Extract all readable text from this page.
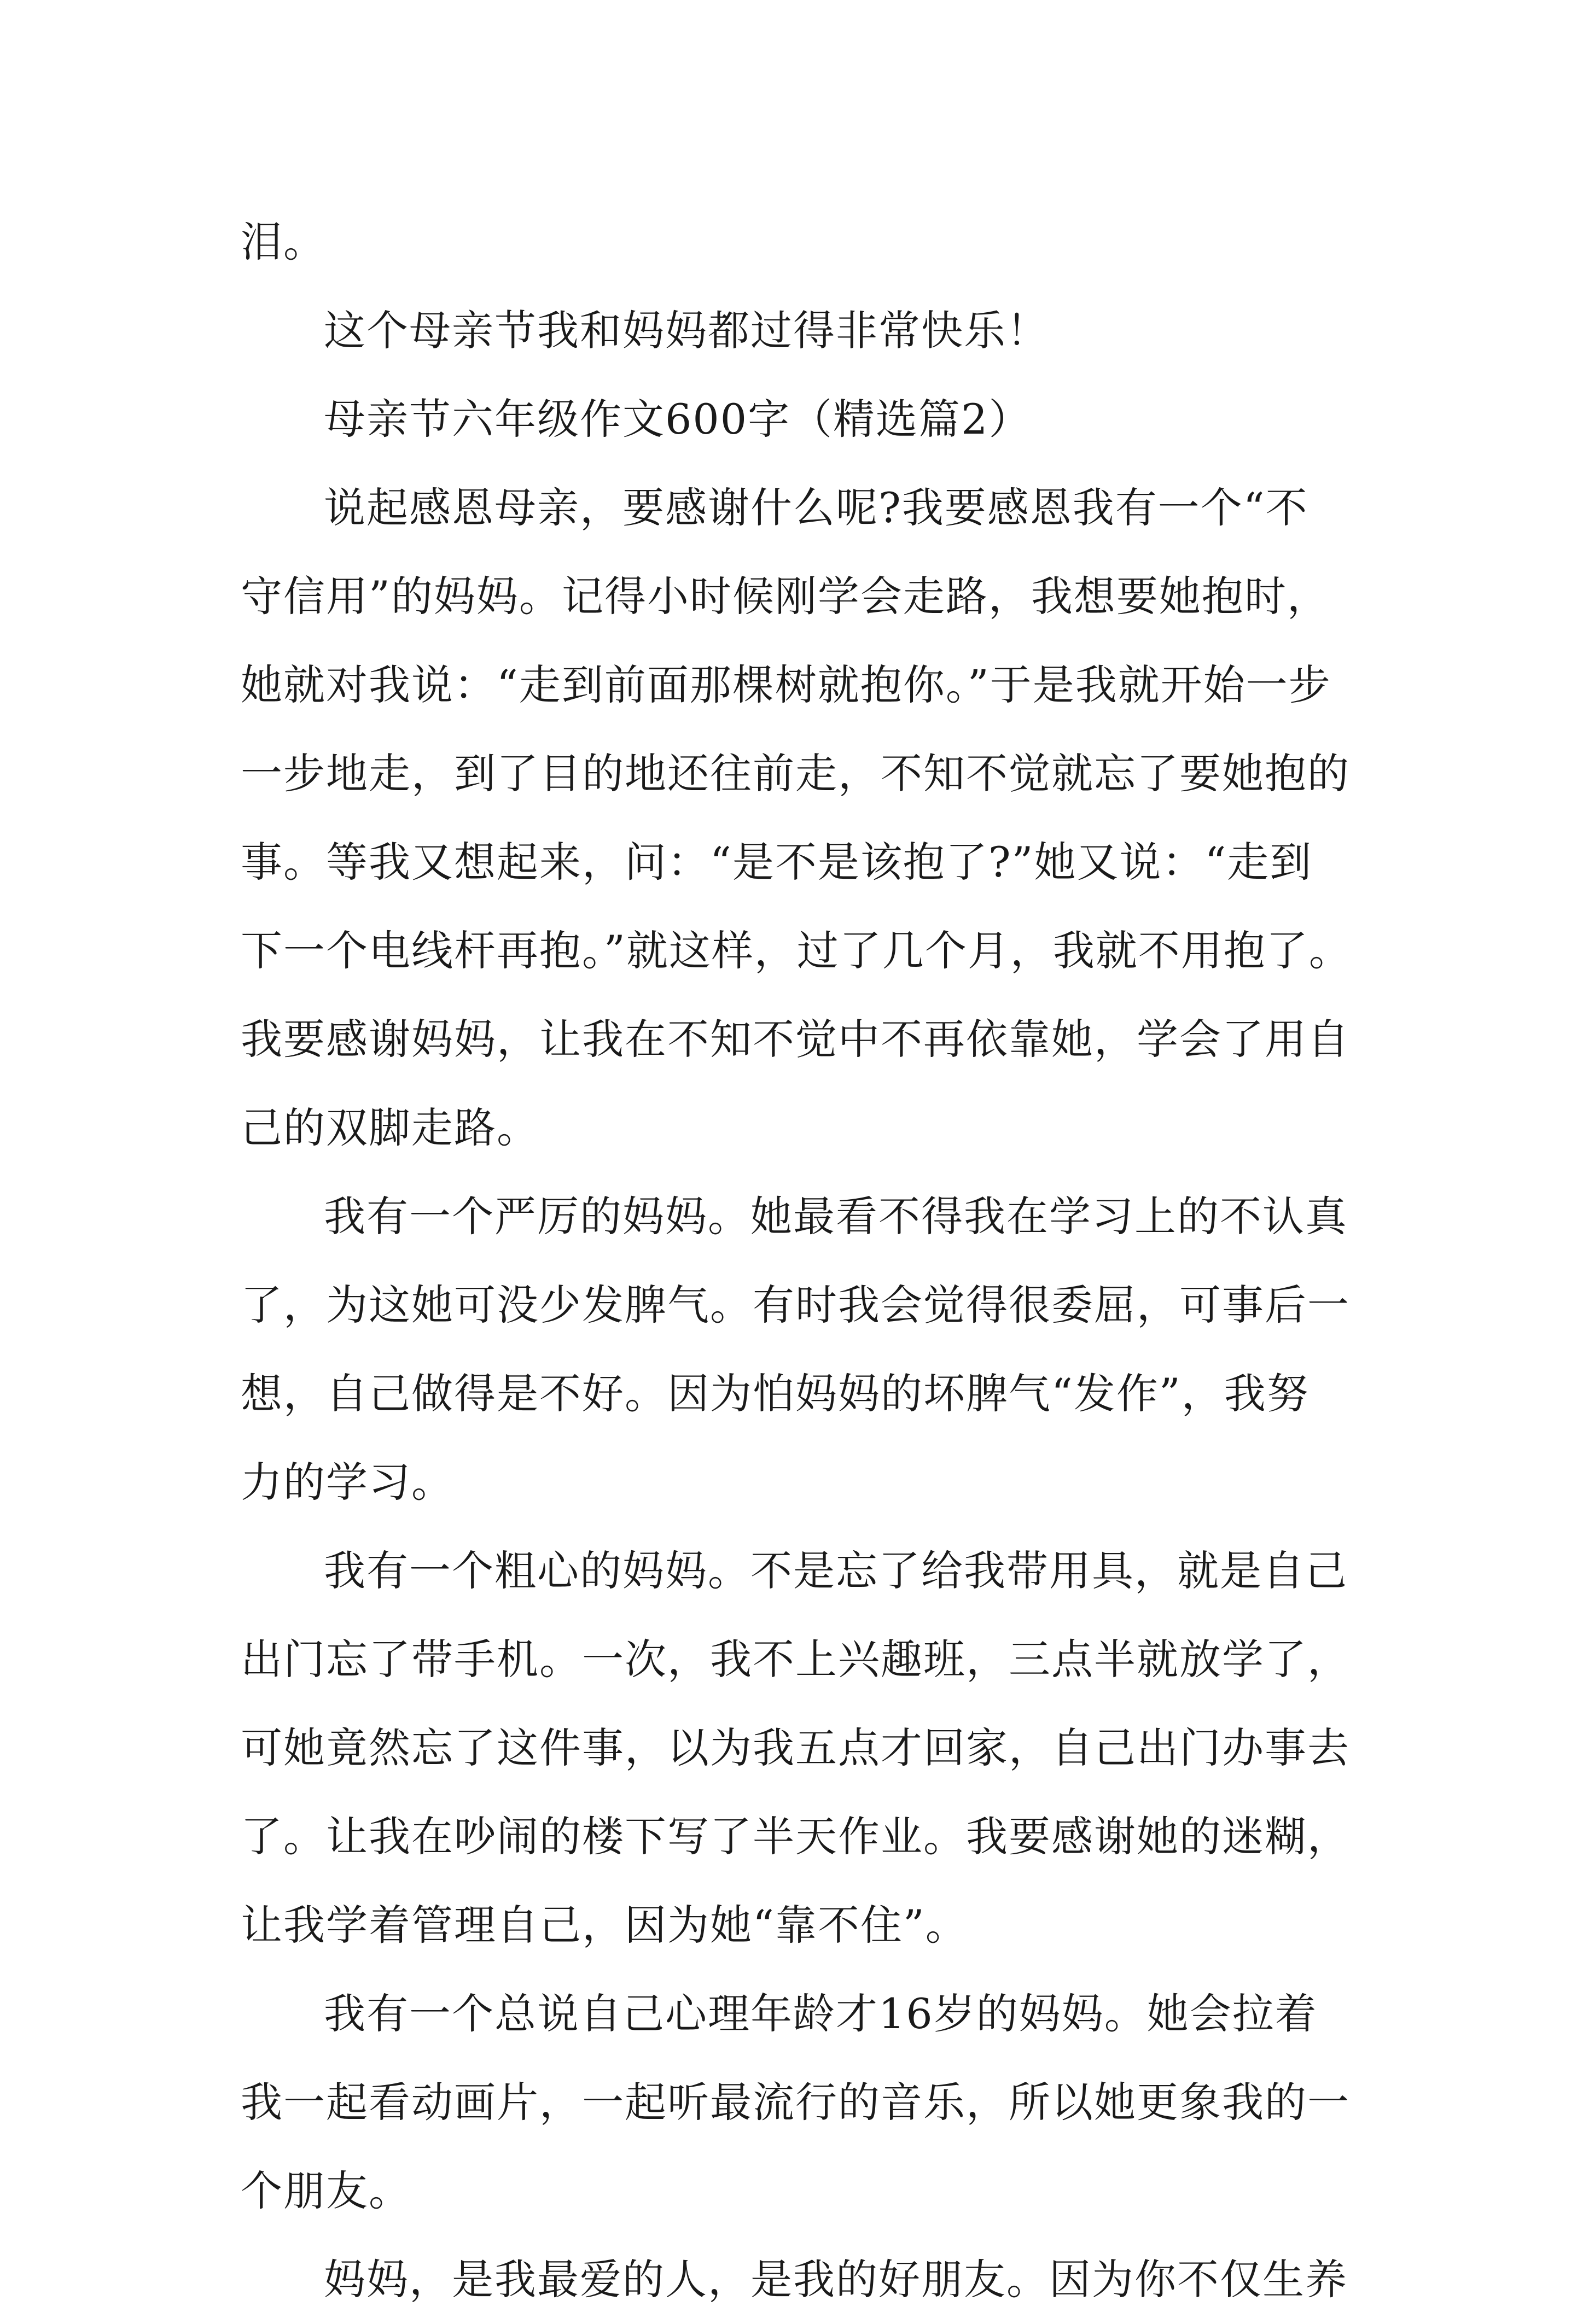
泪。
这个母亲节我和妈妈都过得非常快乐！
母亲节六年级作文600字（精选篇2）
说起感恩母亲，要感谢什么呢?我要感恩我有一个“不
守信用”的妈妈。记得小时候刚学会走路，我想要她抱时，
她就对我说：“走到前面那棵树就抱你。”于是我就开始一步
一步地走，到了目的地还往前走，不知不觉就忘了要她抱的
事。等我又想起来，问：“是不是该抱了?”她又说：“走到
下一个电线杆再抱。”就这样，过了几个月，我就不用抱了。
我要感谢妈妈，让我在不知不觉中不再依靠她，学会了用自
己的双脚走路。
我有一个严厉的妈妈。她最看不得我在学习上的不认真
了，为这她可没少发脾气。有时我会觉得很委屈，可事后一
想，自己做得是不好。因为怕妈妈的坏脾气“发作”，我努
力的学习。
我有一个粗心的妈妈。不是忘了给我带用具，就是自己
出门忘了带手机。一次，我不上兴趣班，三点半就放学了，
可她竟然忘了这件事，以为我五点才回家，自己出门办事去
了。让我在吵闹的楼下写了半天作业。我要感谢她的迷糊，
让我学着管理自己，因为她“靠不住”。
我有一个总说自己心理年龄才16岁的妈妈。她会拉着
我一起看动画片，一起听最流行的音乐，所以她更象我的一
个朋友。
妈妈，是我最爱的人，是我的好朋友。因为你不仅生养
